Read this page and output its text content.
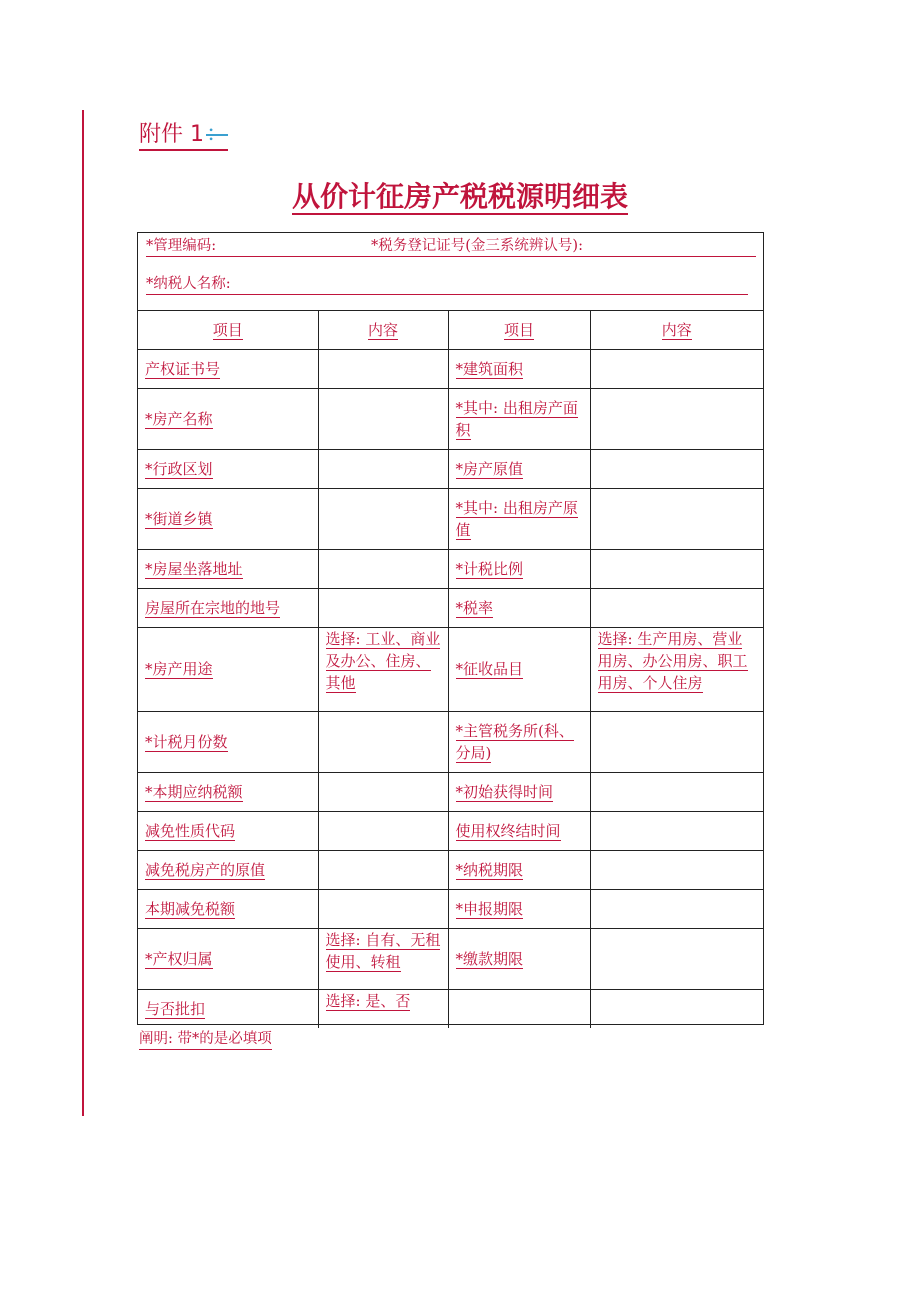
附件 1：
从价计征房产税税源明细表
*管理编码:	*税务登记证号(金三系统辨认号):
*纳税人名称:
项目	内容	项目	内容
产权证书号		*建筑面积	
*房产名称		*其中: 出租房产面积	
*行政区划		*房产原值	
*街道乡镇		*其中: 出租房产原值	
*房屋坐落地址		*计税比例	
房屋所在宗地的地号		*税率	
*房产用途	选择: 工业、商业及办公、住房、其他	*征收品目	选择: 生产用房、营业用房、办公用房、职工用房、个人住房
*计税月份数		*主管税务所(科、分局)	
*本期应纳税额		*初始获得时间	
减免性质代码		使用权终结时间	
减免税房产的原值		*纳税期限	
本期减免税额		*申报期限	
*产权归属	选择: 自有、无租使用、转租	*缴款期限	
与否批扣	选择: 是、否		
阐明: 带*的是必填项
